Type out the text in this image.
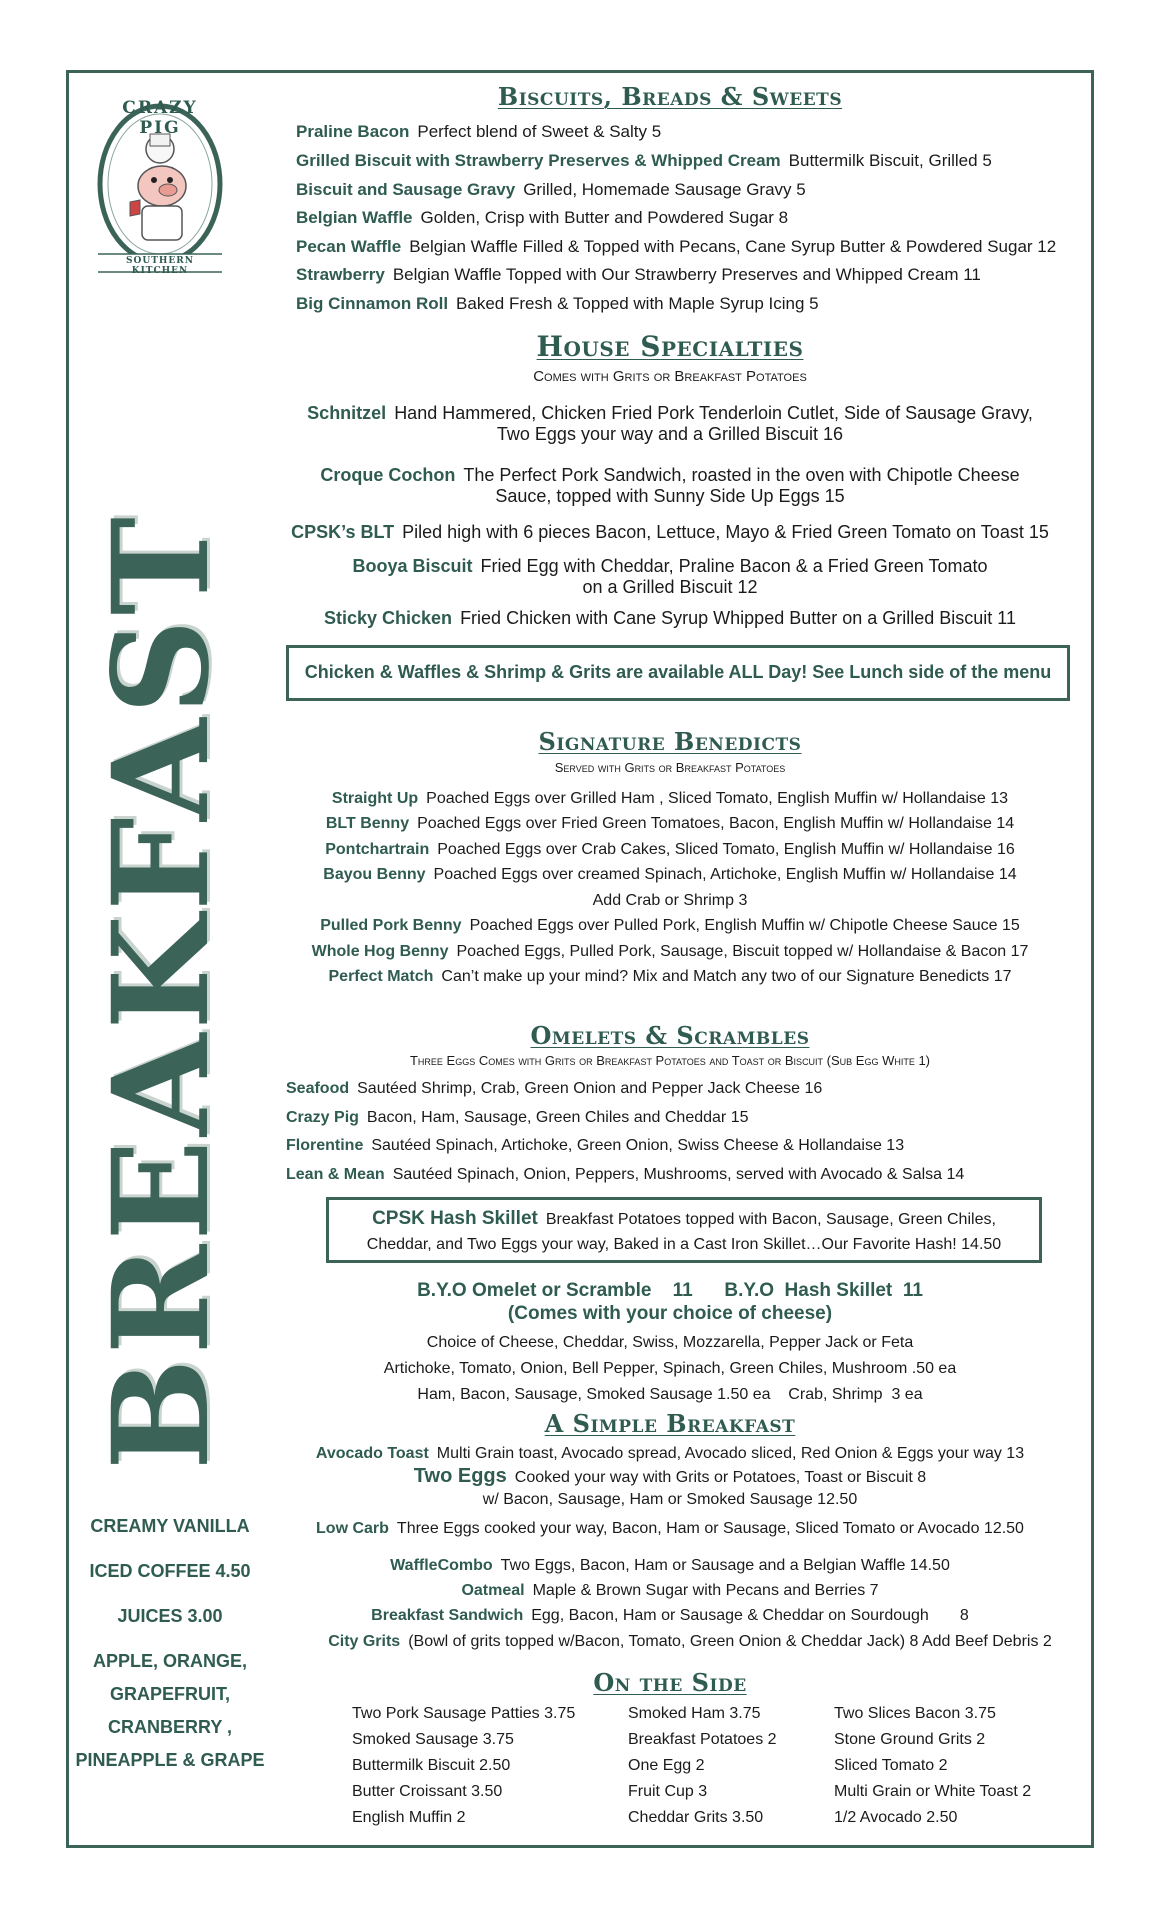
CRAZY PIG
SOUTHERN KITCHEN
BREAKFAST
CREAMY VANILLA
ICED COFFEE 4.50
JUICES 3.00
APPLE, ORANGE, GRAPEFRUIT, CRANBERRY , PINEAPPLE & GRAPE
Biscuits, Breads & Sweets
Praline Bacon Perfect blend of Sweet & Salty 5
Grilled Biscuit with Strawberry Preserves & Whipped Cream Buttermilk Biscuit, Grilled 5
Biscuit and Sausage Gravy Grilled, Homemade Sausage Gravy 5
Belgian Waffle Golden, Crisp with Butter and Powdered Sugar 8
Pecan Waffle Belgian Waffle Filled & Topped with Pecans, Cane Syrup Butter & Powdered Sugar 12
Strawberry Belgian Waffle Topped with Our Strawberry Preserves and Whipped Cream 11
Big Cinnamon Roll Baked Fresh & Topped with Maple Syrup Icing 5
House Specialties
Comes with Grits or Breakfast Potatoes
Schnitzel Hand Hammered, Chicken Fried Pork Tenderloin Cutlet, Side of Sausage Gravy,
Two Eggs your way and a Grilled Biscuit 16
Croque Cochon The Perfect Pork Sandwich, roasted in the oven with Chipotle Cheese
Sauce, topped with Sunny Side Up Eggs 15
CPSK’s BLT Piled high with 6 pieces Bacon, Lettuce, Mayo & Fried Green Tomato on Toast 15
Booya Biscuit Fried Egg with Cheddar, Praline Bacon & a Fried Green Tomato
on a Grilled Biscuit 12
Sticky Chicken Fried Chicken with Cane Syrup Whipped Butter on a Grilled Biscuit 11
Chicken & Waffles & Shrimp & Grits are available ALL Day! See Lunch side of the menu
Signature Benedicts
Served with Grits or Breakfast Potatoes
Straight Up Poached Eggs over Grilled Ham , Sliced Tomato, English Muffin w/ Hollandaise 13
BLT Benny Poached Eggs over Fried Green Tomatoes, Bacon, English Muffin w/ Hollandaise 14
Pontchartrain Poached Eggs over Crab Cakes, Sliced Tomato, English Muffin w/ Hollandaise 16
Bayou Benny Poached Eggs over creamed Spinach, Artichoke, English Muffin w/ Hollandaise 14
Add Crab or Shrimp 3
Pulled Pork Benny Poached Eggs over Pulled Pork, English Muffin w/ Chipotle Cheese Sauce 15
Whole Hog Benny Poached Eggs, Pulled Pork, Sausage, Biscuit topped w/ Hollandaise & Bacon 17
Perfect Match Can’t make up your mind? Mix and Match any two of our Signature Benedicts 17
Omelets & Scrambles
Three Eggs Comes with Grits or Breakfast Potatoes and Toast or Biscuit (Sub Egg White 1)
Seafood Sautéed Shrimp, Crab, Green Onion and Pepper Jack Cheese 16
Crazy Pig Bacon, Ham, Sausage, Green Chiles and Cheddar 15
Florentine Sautéed Spinach, Artichoke, Green Onion, Swiss Cheese & Hollandaise 13
Lean & Mean Sautéed Spinach, Onion, Peppers, Mushrooms, served with Avocado & Salsa 14
CPSK Hash Skillet Breakfast Potatoes topped with Bacon, Sausage, Green Chiles,
Cheddar, and Two Eggs your way, Baked in a Cast Iron Skillet…Our Favorite Hash! 14.50
B.Y.O Omelet or Scramble    11      B.Y.O  Hash Skillet  11
(Comes with your choice of cheese)
Choice of Cheese, Cheddar, Swiss, Mozzarella, Pepper Jack or Feta
Artichoke, Tomato, Onion, Bell Pepper, Spinach, Green Chiles, Mushroom .50 ea
Ham, Bacon, Sausage, Smoked Sausage 1.50 ea    Crab, Shrimp  3 ea
A Simple Breakfast
Avocado Toast Multi Grain toast, Avocado spread, Avocado sliced, Red Onion & Eggs your way 13
Two Eggs Cooked your way with Grits or Potatoes, Toast or Biscuit 8
w/ Bacon, Sausage, Ham or Smoked Sausage 12.50
Low Carb Three Eggs cooked your way, Bacon, Ham or Sausage, Sliced Tomato or Avocado 12.50
WaffleCombo Two Eggs, Bacon, Ham or Sausage and a Belgian Waffle 14.50
Oatmeal Maple & Brown Sugar with Pecans and Berries 7
Breakfast Sandwich Egg, Bacon, Ham or Sausage & Cheddar on Sourdough       8
City Grits (Bowl of grits topped w/Bacon, Tomato, Green Onion & Cheddar Jack) 8 Add Beef Debris 2
On the Side
Two Pork Sausage Patties 3.75
Smoked Sausage 3.75
Buttermilk Biscuit 2.50
Butter Croissant 3.50
English Muffin 2
Smoked Ham 3.75
Breakfast Potatoes 2
One Egg 2
Fruit Cup 3
Cheddar Grits 3.50
Two Slices Bacon 3.75
Stone Ground Grits 2
Sliced Tomato 2
Multi Grain or White Toast 2
1/2 Avocado 2.50
